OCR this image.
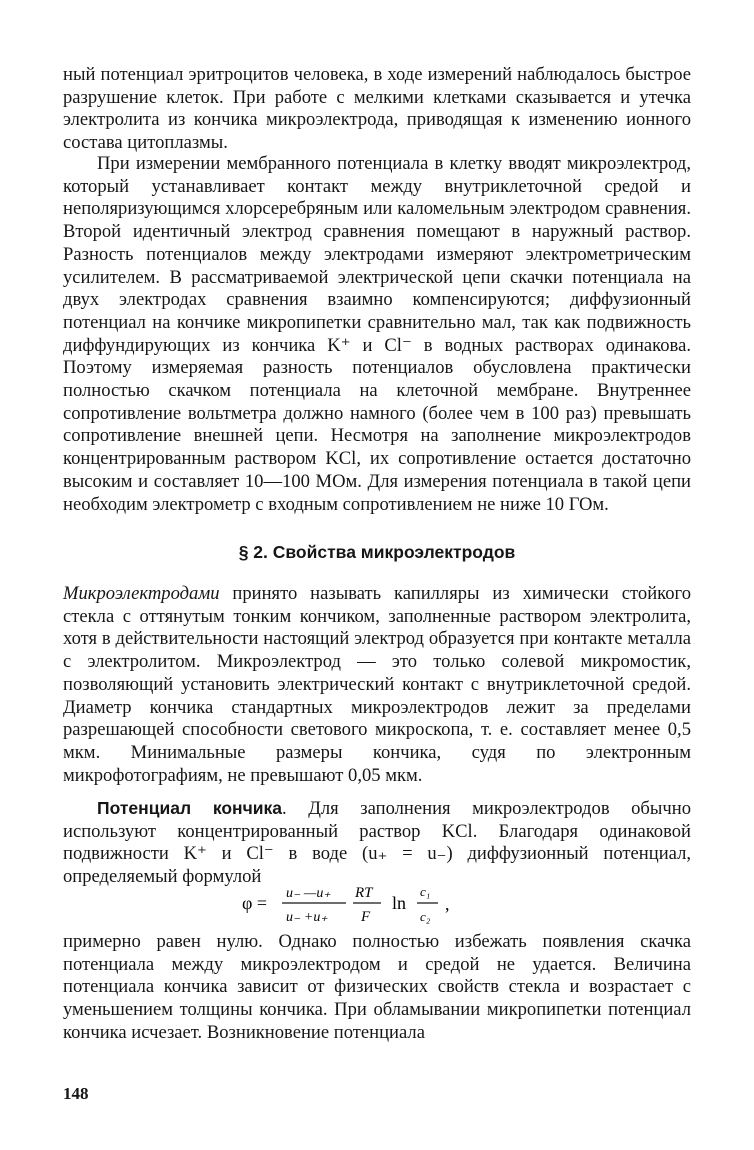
ный потенциал эритроцитов человека, в ходе измерений наблюдалось быстрое разрушение клеток. При работе с мелкими клетками сказывается и утечка электролита из кончика микроэлектрода, приводящая к изменению ионного состава цитоплазмы.

При измерении мембранного потенциала в клетку вводят микроэлектрод, который устанавливает контакт между внутриклеточной средой и неполяризующимся хлорсеребряным или каломельным электродом сравнения. Второй идентичный электрод сравнения помещают в наружный раствор. Разность потенциалов между электродами измеряют электрометрическим усилителем. В рассматриваемой электрической цепи скачки потенциала на двух электродах сравнения взаимно компенсируются; диффузионный потенциал на кончике микропипетки сравнительно мал, так как подвижность диффундирующих из кончика K⁺ и Cl⁻ в водных растворах одинакова. Поэтому измеряемая разность потенциалов обусловлена практически полностью скачком потенциала на клеточной мембране. Внутреннее сопротивление вольтметра должно намного (более чем в 100 раз) превышать сопротивление внешней цепи. Несмотря на заполнение микроэлектродов концентрированным раствором KCl, их сопротивление остается достаточно высоким и составляет 10—100 МОм. Для измерения потенциала в такой цепи необходим электрометр с входным сопротивлением не ниже 10 ГОм.

§ 2. Свойства микроэлектродов

Микроэлектродами принято называть капилляры из химически стойкого стекла с оттянутым тонким кончиком, заполненные раствором электролита, хотя в действительности настоящий электрод образуется при контакте металла с электролитом. Микроэлектрод — это только солевой микромостик, позволяющий установить электрический контакт с внутриклеточной средой. Диаметр кончика стандартных микроэлектродов лежит за пределами разрешающей способности светового микроскопа, т. е. составляет менее 0,5 мкм. Минимальные размеры кончика, судя по электронным микрофотографиям, не превышают 0,05 мкм.

Потенциал кончика. Для заполнения микроэлектродов обычно используют концентрированный раствор KCl. Благодаря одинаковой подвижности K⁺ и Cl⁻ в воде (u₊ = u₋) диффузионный потенциал, определяемый формулой

φ = u₋ —u₊
u₋ +u₊
RT
F
ln
c₁
c₂
,

примерно равен нулю. Однако полностью избежать появления скачка потенциала между микроэлектродом и средой не удается. Величина потенциала кончика зависит от физических свойств стекла и возрастает с уменьшением толщины кончика. При обламывании микропипетки потенциал кончика исчезает. Возникновение потенциала

148
